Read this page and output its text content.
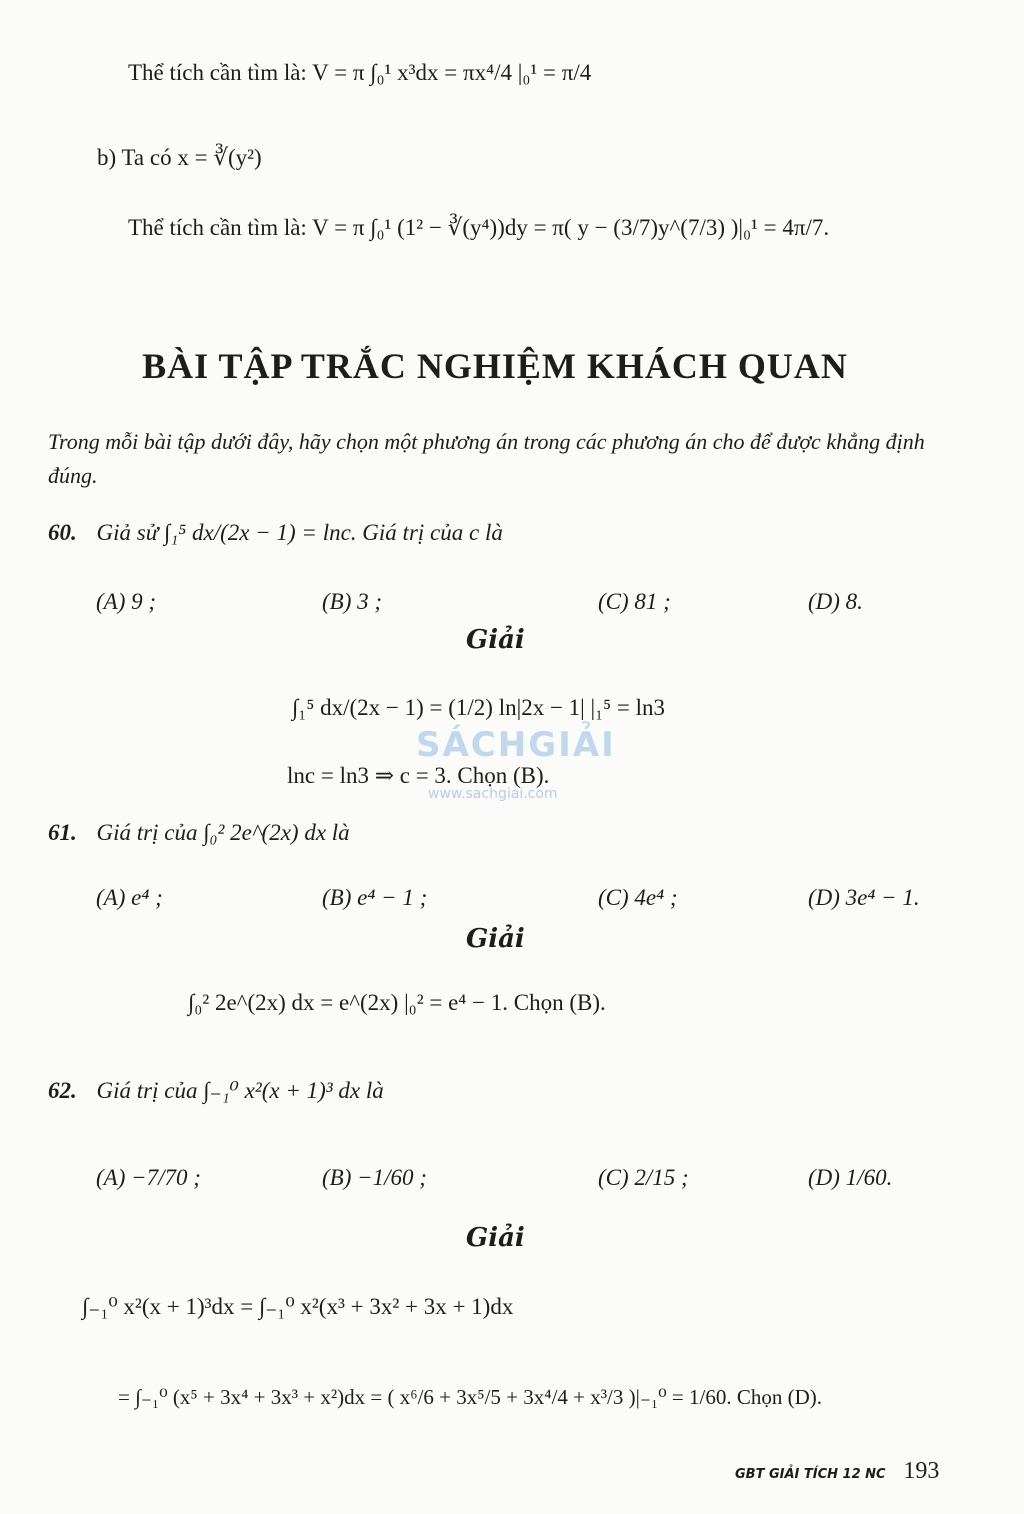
Thể tích cần tìm là: V = π ∫₀¹ x³dx = πx⁴/4 |₀¹ = π/4
b) Ta có x = ∛(y²)
Thể tích cần tìm là: V = π ∫₀¹ (1² − ∛(y⁴))dy = π( y − (3/7)y^(7/3) )|₀¹ = 4π/7.
BÀI TẬP TRẮC NGHIỆM KHÁCH QUAN
Trong mỗi bài tập dưới đây, hãy chọn một phương án trong các phương án cho để được khẳng định đúng.
60. Giả sử ∫₁⁵ dx/(2x − 1) = lnc. Giá trị của c là
(A) 9 ;	(B) 3 ;	(C) 81 ;	(D) 8.
Giải
∫₁⁵ dx/(2x − 1) = (1/2) ln|2x − 1| |₁⁵ = ln3
SÁCHGIẢI
lnc = ln3 ⇒ c = 3. Chọn (B).
www.sachgiai.com
61. Giá trị của ∫₀² 2e^(2x) dx là
(A) e⁴ ;	(B) e⁴ − 1 ;	(C) 4e⁴ ;	(D) 3e⁴ − 1.
Giải
∫₀² 2e^(2x) dx = e^(2x) |₀² = e⁴ − 1. Chọn (B).
62. Giá trị của ∫₋₁⁰ x²(x + 1)³ dx là
(A) −7/70 ;	(B) −1/60 ;	(C) 2/15 ;	(D) 1/60.
Giải
∫₋₁⁰ x²(x + 1)³dx = ∫₋₁⁰ x²(x³ + 3x² + 3x + 1)dx
= ∫₋₁⁰ (x⁵ + 3x⁴ + 3x³ + x²)dx = ( x⁶/6 + 3x⁵/5 + 3x⁴/4 + x³/3 )|₋₁⁰ = 1/60. Chọn (D).
GBT GIẢI TÍCH 12 NC 193
